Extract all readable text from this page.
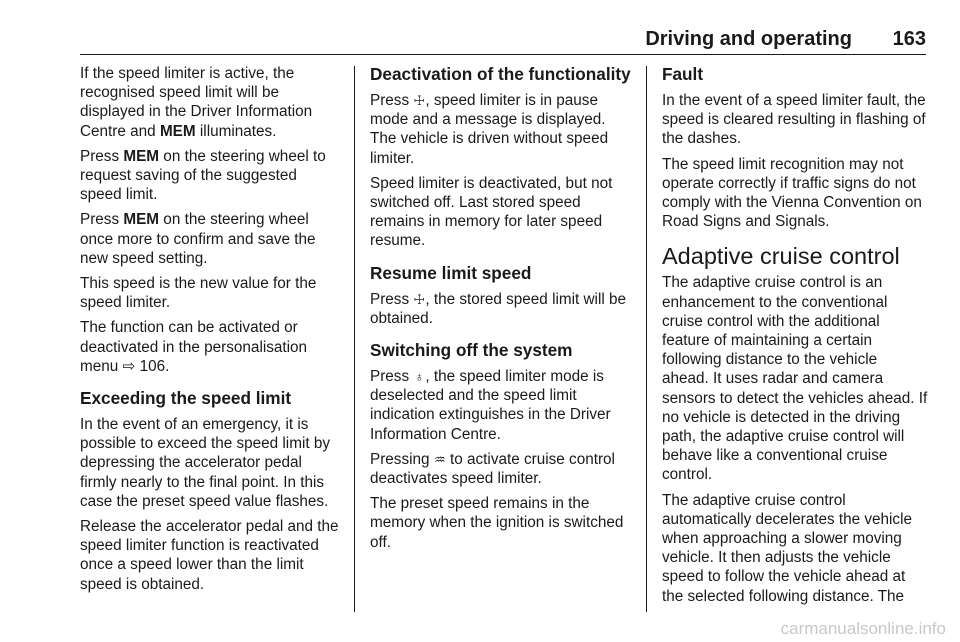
Driving and operating 163

If the speed limiter is active, the recognised speed limit will be displayed in the Driver Information Centre and MEM illuminates.

Press MEM on the steering wheel to request saving of the suggested speed limit.

Press MEM on the steering wheel once more to confirm and save the new speed setting.

This speed is the new value for the speed limiter.

The function can be activated or deactivated in the personalisation menu ⇨ 106.

Exceeding the speed limit

In the event of an emergency, it is possible to exceed the speed limit by depressing the accelerator pedal firmly nearly to the final point. In this case the preset speed value flashes.

Release the accelerator pedal and the speed limiter function is reactivated once a speed lower than the limit speed is obtained.

Deactivation of the functionality

Press ☩, speed limiter is in pause mode and a message is displayed. The vehicle is driven without speed limiter.

Speed limiter is deactivated, but not switched off. Last stored speed remains in memory for later speed resume.

Resume limit speed

Press ☩, the stored speed limit will be obtained.

Switching off the system

Press ♁, the speed limiter mode is deselected and the speed limit indication extinguishes in the Driver Information Centre.

Pressing ♒ to activate cruise control deactivates speed limiter.

The preset speed remains in the memory when the ignition is switched off.

Fault

In the event of a speed limiter fault, the speed is cleared resulting in flashing of the dashes.

The speed limit recognition may not operate correctly if traffic signs do not comply with the Vienna Convention on Road Signs and Signals.

Adaptive cruise control

The adaptive cruise control is an enhancement to the conventional cruise control with the additional feature of maintaining a certain following distance to the vehicle ahead. It uses radar and camera sensors to detect the vehicles ahead. If no vehicle is detected in the driving path, the adaptive cruise control will behave like a conventional cruise control.

The adaptive cruise control automatically decelerates the vehicle when approaching a slower moving vehicle. It then adjusts the vehicle speed to follow the vehicle ahead at the selected following distance. The

carmanualsonline.info
